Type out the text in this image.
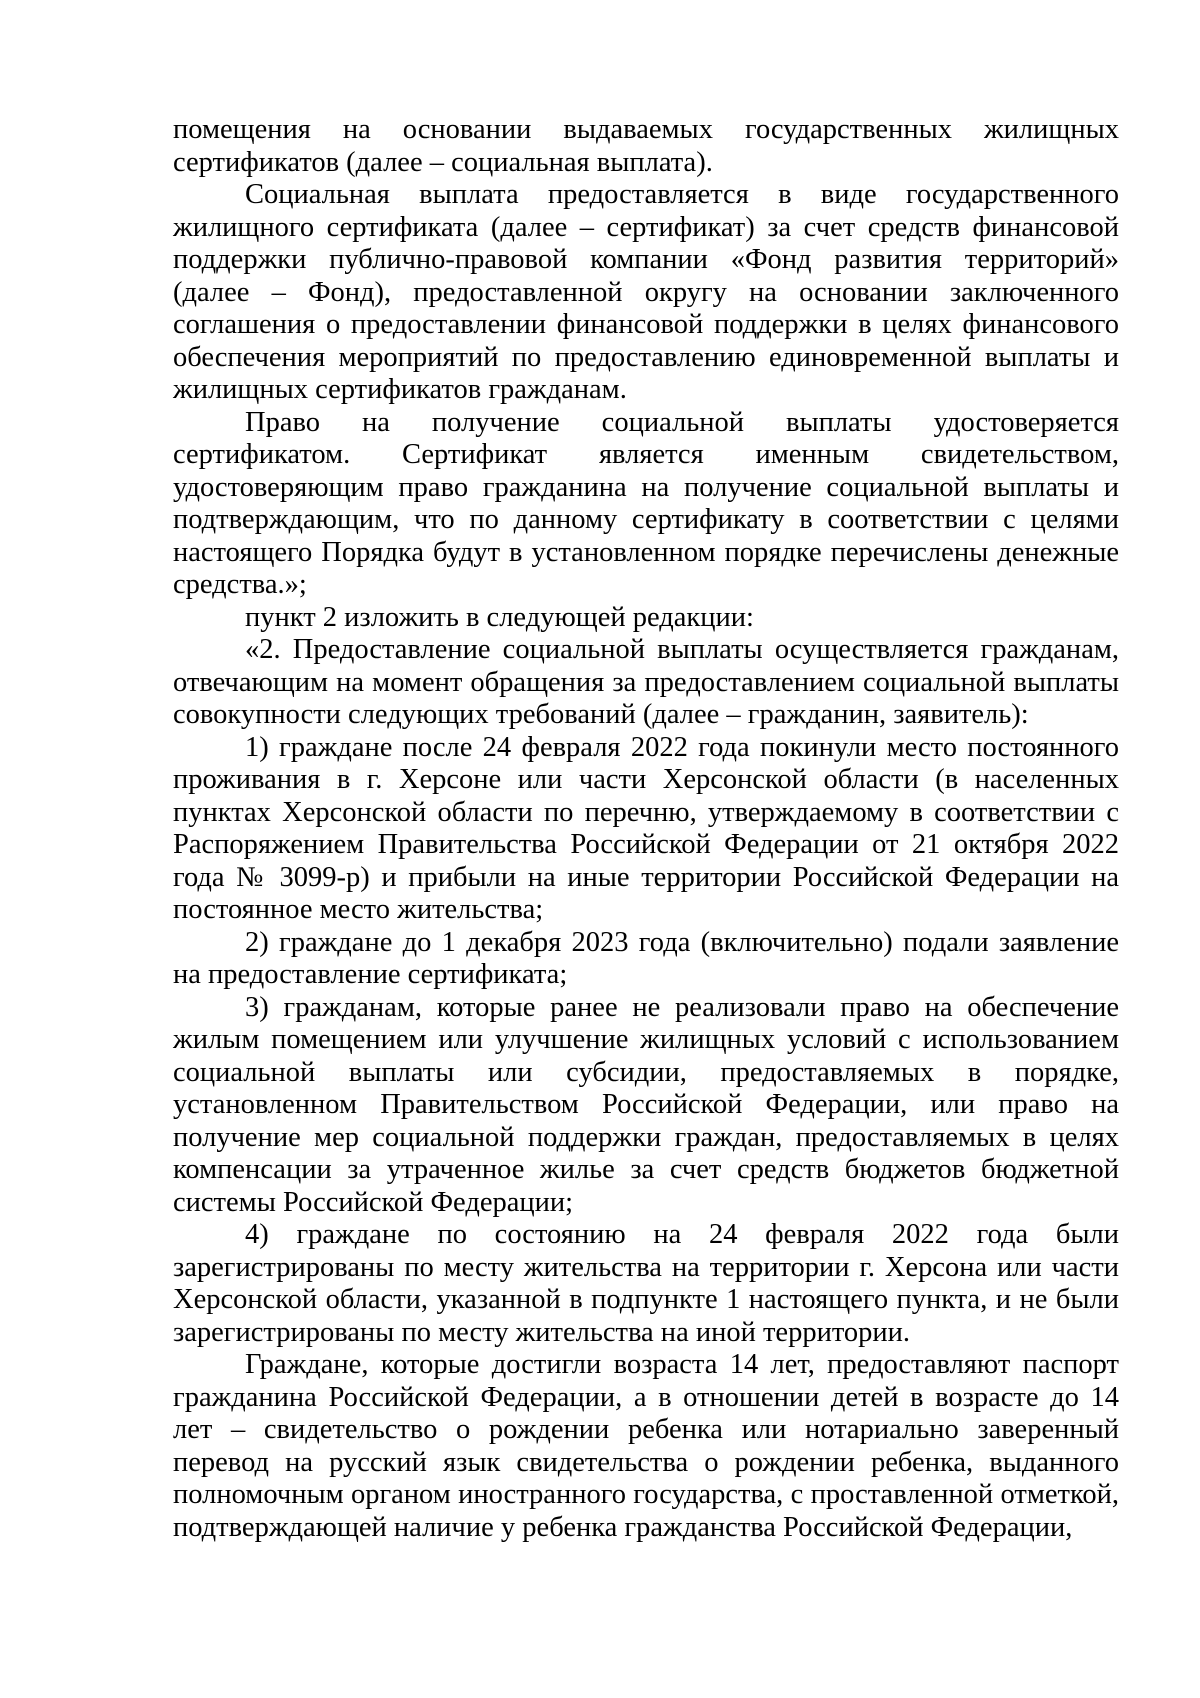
помещения на основании выдаваемых государственных жилищных сертификатов (далее – социальная выплата).

Социальная выплата предоставляется в виде государственного жилищного сертификата (далее – сертификат) за счет средств финансовой поддержки публично-правовой компании «Фонд развития территорий» (далее – Фонд), предоставленной округу на основании заключенного соглашения о предоставлении финансовой поддержки в целях финансового обеспечения мероприятий по предоставлению единовременной выплаты и жилищных сертификатов гражданам.

Право на получение социальной выплаты удостоверяется сертификатом. Сертификат является именным свидетельством, удостоверяющим право гражданина на получение социальной выплаты и подтверждающим, что по данному сертификату в соответствии с целями настоящего Порядка будут в установленном порядке перечислены денежные средства.»;

пункт 2 изложить в следующей редакции:

«2. Предоставление социальной выплаты осуществляется гражданам, отвечающим на момент обращения за предоставлением социальной выплаты совокупности следующих требований (далее – гражданин, заявитель):

1) граждане после 24 февраля 2022 года покинули место постоянного проживания в г. Херсоне или части Херсонской области (в населенных пунктах Херсонской области по перечню, утверждаемому в соответствии с Распоряжением Правительства Российской Федерации от 21 октября 2022 года № 3099-р) и прибыли на иные территории Российской Федерации на постоянное место жительства;

2) граждане до 1 декабря 2023 года (включительно) подали заявление на предоставление сертификата;

3) гражданам, которые ранее не реализовали право на обеспечение жилым помещением или улучшение жилищных условий с использованием социальной выплаты или субсидии, предоставляемых в порядке, установленном Правительством Российской Федерации, или право на получение мер социальной поддержки граждан, предоставляемых в целях компенсации за утраченное жилье за счет средств бюджетов бюджетной системы Российской Федерации;

4) граждане по состоянию на 24 февраля 2022 года были зарегистрированы по месту жительства на территории г. Херсона или части Херсонской области, указанной в подпункте 1 настоящего пункта, и не были зарегистрированы по месту жительства на иной территории.

Граждане, которые достигли возраста 14 лет, предоставляют паспорт гражданина Российской Федерации, а в отношении детей в возрасте до 14 лет – свидетельство о рождении ребенка или нотариально заверенный перевод на русский язык свидетельства о рождении ребенка, выданного полномочным органом иностранного государства, с проставленной отметкой, подтверждающей наличие у ребенка гражданства Российской Федерации,
